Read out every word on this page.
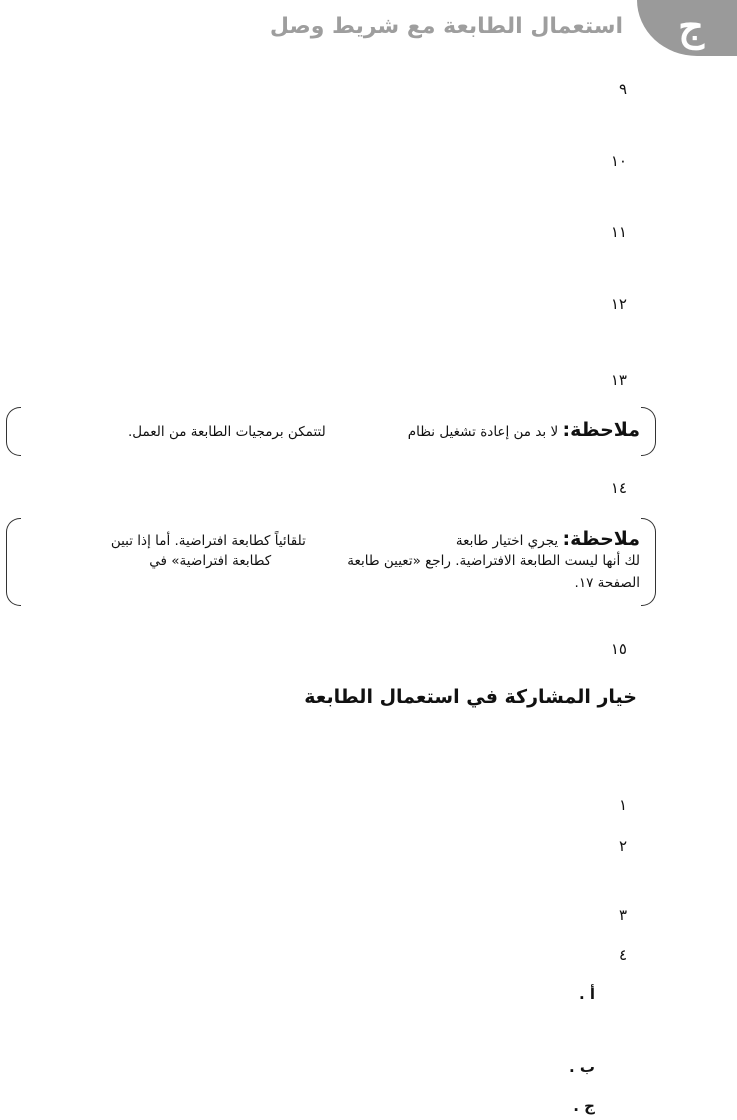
ج
استعمال الطابعة مع شريط وصل
٩
١٠
١١
١٢
١٣
ملاحظة: لا بد من إعادة تشغيل نظاملتتمكن برمجيات الطابعة من العمل.
١٤
ملاحظة: يجري اختيار طابعةتلقائياً كطابعة افتراضية. أما إذا تبين
لك أنها ليست الطابعة الافتراضية. راجع «تعيين طابعةكطابعة افتراضية» في
الصفحة ١٧.
١٥
خيار المشاركة في استعمال الطابعة
١
٢
٣
٤
أ .
ب .
ج .
